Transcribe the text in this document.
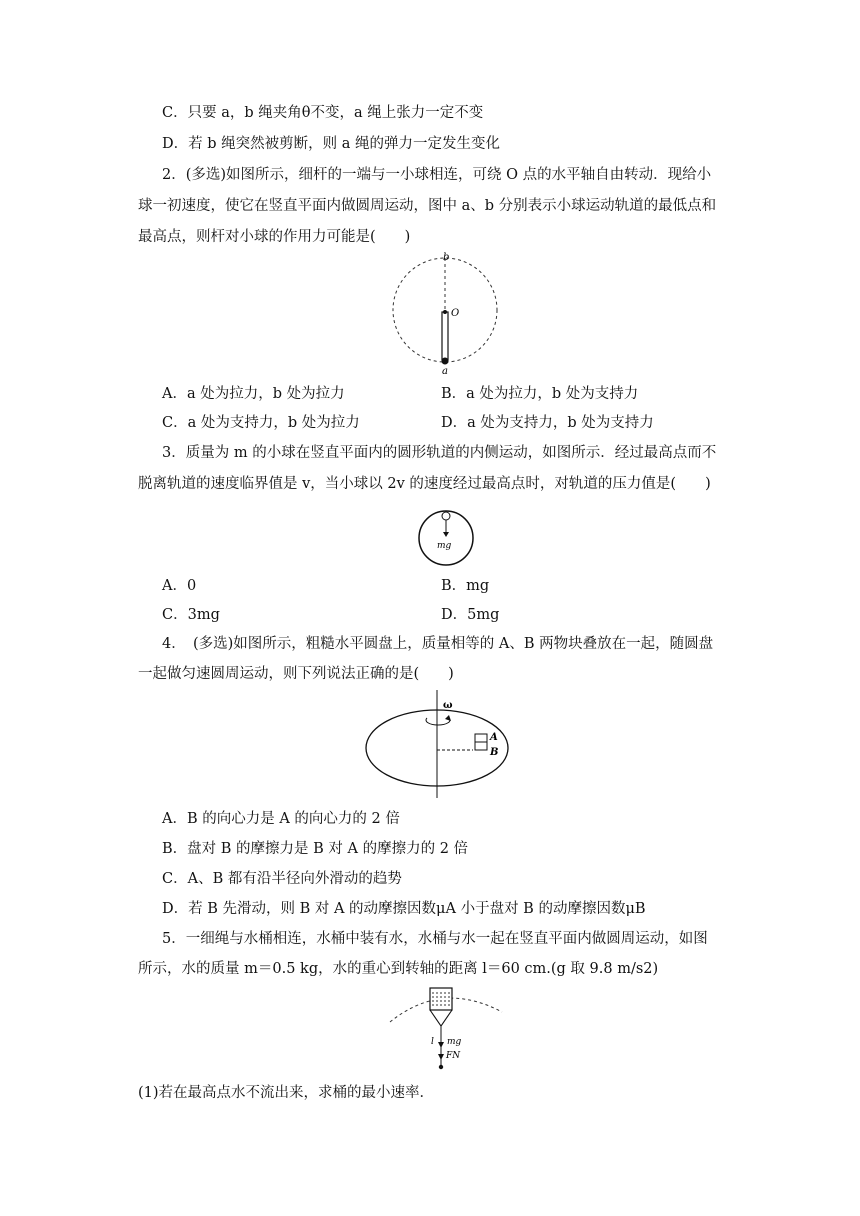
C．只要 a，b 绳夹角θ不变，a 绳上张力一定不变
D．若 b 绳突然被剪断，则 a 绳的弹力一定发生变化
2．(多选)如图所示，细杆的一端与一小球相连，可绕 O 点的水平轴自由转动．现给小
球一初速度，使它在竖直平面内做圆周运动，图中 a、b 分别表示小球运动轨道的最低点和
最高点，则杆对小球的作用力可能是(　　)
b
O
a
A．a 处为拉力，b 处为拉力	B．a 处为拉力，b 处为支持力
C．a 处为支持力，b 处为拉力	D．a 处为支持力，b 处为支持力
3．质量为 m 的小球在竖直平面内的圆形轨道的内侧运动，如图所示．经过最高点而不
脱离轨道的速度临界值是 v，当小球以 2v 的速度经过最高点时，对轨道的压力值是(　　)
mg
A．0	B．mg
C．3mg	D．5mg
4．　(多选)如图所示，粗糙水平圆盘上，质量相等的 A、B 两物块叠放在一起，随圆盘
一起做匀速圆周运动，则下列说法正确的是(　　)
ω
A
B
A．B 的向心力是 A 的向心力的 2 倍
B．盘对 B 的摩擦力是 B 对 A 的摩擦力的 2 倍
C．A、B 都有沿半径向外滑动的趋势
D．若 B 先滑动，则 B 对 A 的动摩擦因数μA 小于盘对 B 的动摩擦因数μB
5．一细绳与水桶相连，水桶中装有水，水桶与水一起在竖直平面内做圆周运动，如图
所示，水的质量 m＝0.5 kg，水的重心到转轴的距离 l＝60 cm.(g 取 9.8 m/s2)
l mg
FN
(1)若在最高点水不流出来，求桶的最小速率．
